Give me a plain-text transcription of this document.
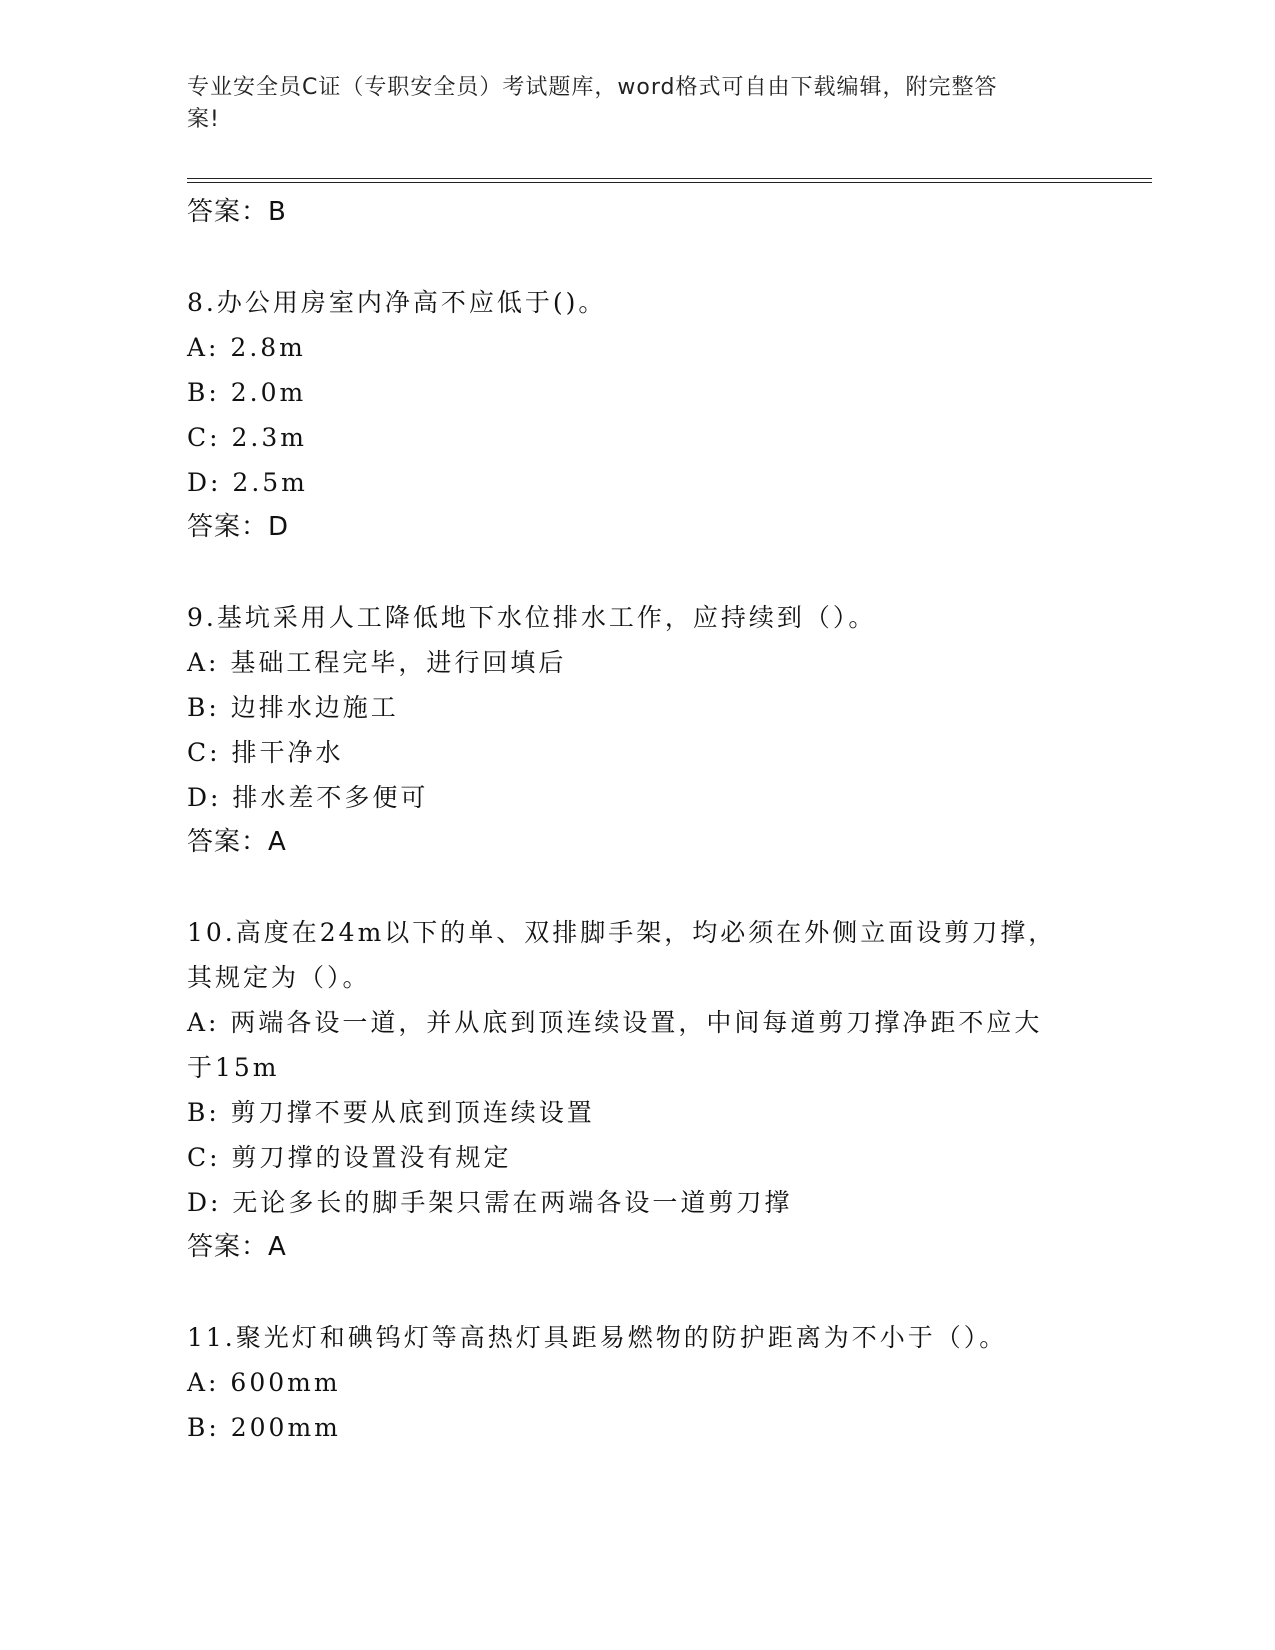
专业安全员C证（专职安全员）考试题库，word格式可自由下载编辑，附完整答
案!

答案：B

8.办公用房室内净高不应低于()。

A: 2.8m

B: 2.0m

C: 2.3m

D: 2.5m

答案：D

9.基坑采用人工降低地下水位排水工作，应持续到（）。

A: 基础工程完毕，进行回填后

B: 边排水边施工

C: 排干净水

D: 排水差不多便可

答案：A

10.高度在24m以下的单、双排脚手架，均必须在外侧立面设剪刀撑，

其规定为（）。

A: 两端各设一道，并从底到顶连续设置，中间每道剪刀撑净距不应大

于15m

B: 剪刀撑不要从底到顶连续设置

C: 剪刀撑的设置没有规定

D: 无论多长的脚手架只需在两端各设一道剪刀撑

答案：A

11.聚光灯和碘钨灯等高热灯具距易燃物的防护距离为不小于（）。

A: 600mm

B: 200mm
